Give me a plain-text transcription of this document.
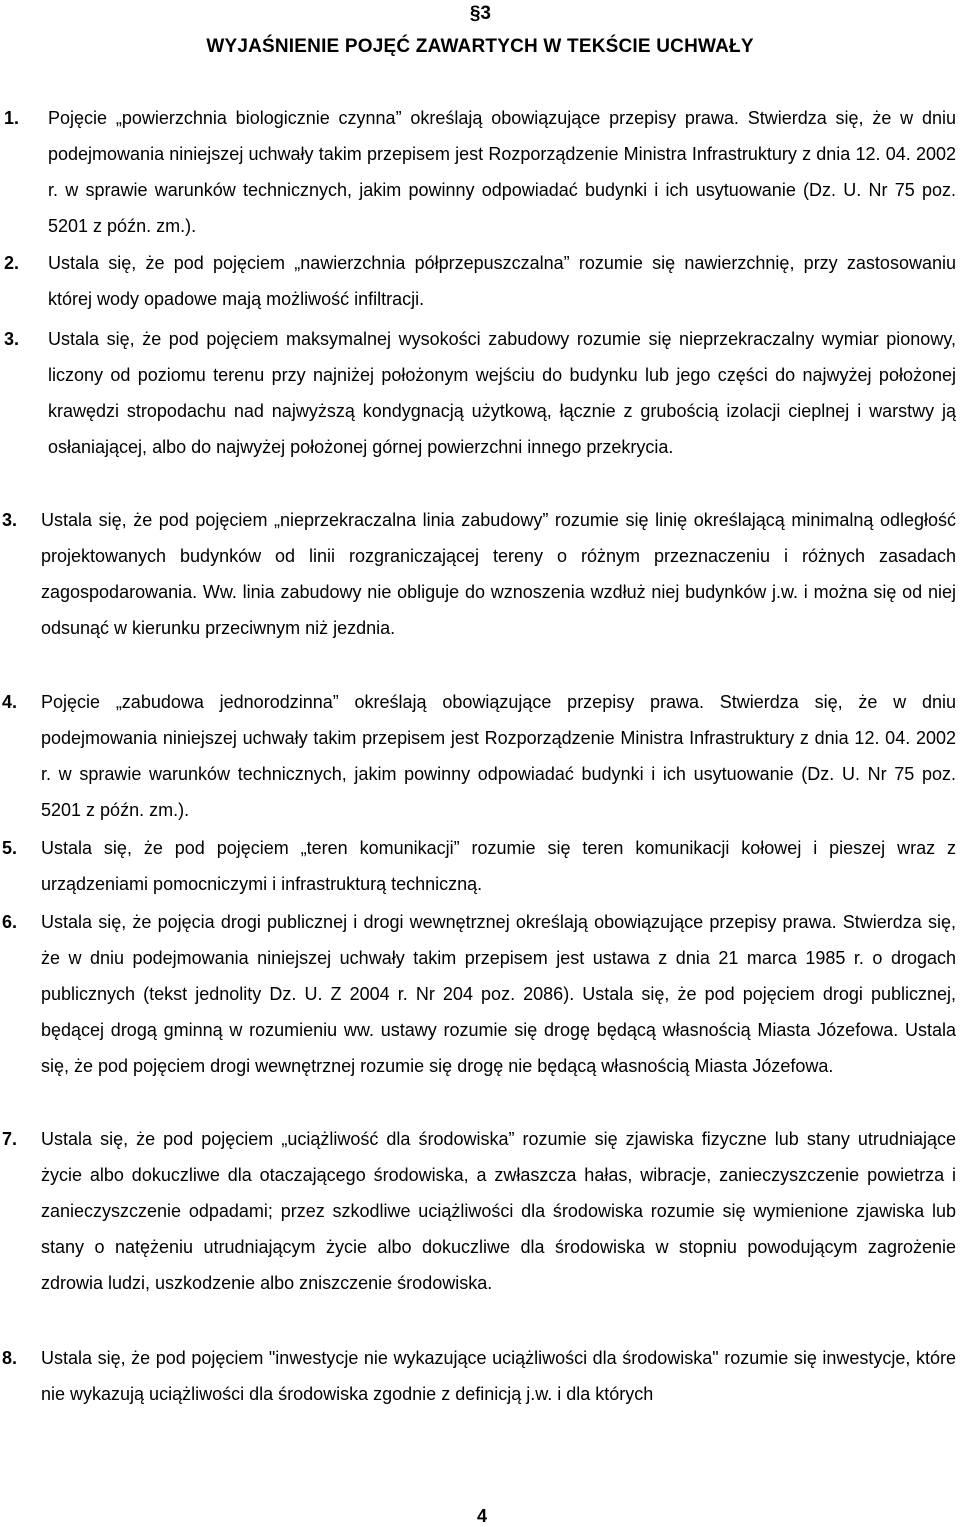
§3
WYJAŚNIENIE POJĘĆ ZAWARTYCH W TEKŚCIE UCHWAŁY
1.	Pojęcie „powierzchnia biologicznie czynna” określają obowiązujące przepisy prawa. Stwierdza się, że w dniu podejmowania niniejszej uchwały takim przepisem jest Rozporządzenie Ministra Infrastruktury z dnia 12. 04. 2002 r. w sprawie warunków technicznych, jakim powinny odpowiadać budynki i ich usytuowanie (Dz. U. Nr 75 poz. 5201 z późn. zm.).
2.	Ustala się, że pod pojęciem „nawierzchnia półprzepuszczalna” rozumie się nawierzchnię, przy zastosowaniu której wody opadowe mają możliwość infiltracji.
3.	Ustala się, że pod pojęciem maksymalnej wysokości zabudowy rozumie się nieprzekraczalny wymiar pionowy, liczony od poziomu terenu przy najniżej położonym wejściu do budynku lub jego części do najwyżej położonej krawędzi stropodachu nad najwyższą kondygnacją użytkową, łącznie z grubością izolacji cieplnej i warstwy ją osłaniającej, albo do najwyżej położonej górnej powierzchni innego przekrycia.
3.	Ustala się, że pod pojęciem „nieprzekraczalna linia zabudowy” rozumie się linię określającą minimalną odległość projektowanych budynków od linii rozgraniczającej tereny o różnym przeznaczeniu i różnych zasadach zagospodarowania. Ww. linia zabudowy nie obliguje do wznoszenia wzdłuż niej budynków j.w. i można się od niej odsunąć w kierunku przeciwnym niż jezdnia.
4.	Pojęcie „zabudowa jednorodzinna” określają obowiązujące przepisy prawa. Stwierdza się, że w dniu podejmowania niniejszej uchwały takim przepisem jest Rozporządzenie Ministra Infrastruktury z dnia 12. 04. 2002 r. w sprawie warunków technicznych, jakim powinny odpowiadać budynki i ich usytuowanie (Dz. U. Nr 75 poz. 5201 z późn. zm.).
5.	Ustala się, że pod pojęciem „teren komunikacji” rozumie się teren komunikacji kołowej i pieszej wraz z urządzeniami pomocniczymi i infrastrukturą techniczną.
6.	Ustala się, że pojęcia drogi publicznej i drogi wewnętrznej określają obowiązujące przepisy prawa. Stwierdza się, że w dniu podejmowania niniejszej uchwały takim przepisem jest ustawa z dnia 21 marca 1985 r. o drogach publicznych (tekst jednolity Dz. U. Z 2004 r. Nr 204 poz. 2086). Ustala się, że pod pojęciem drogi publicznej, będącej drogą gminną w rozumieniu ww. ustawy rozumie się drogę będącą własnością Miasta Józefowa. Ustala się, że pod pojęciem drogi wewnętrznej rozumie się drogę nie będącą własnością Miasta Józefowa.
7.	Ustala się, że pod pojęciem „uciążliwość dla środowiska” rozumie się zjawiska fizyczne lub stany utrudniające życie albo dokuczliwe dla otaczającego środowiska, a zwłaszcza hałas, wibracje, zanieczyszczenie powietrza i zanieczyszczenie odpadami; przez szkodliwe uciążliwości dla środowiska rozumie się wymienione zjawiska lub stany o natężeniu utrudniającym życie albo dokuczliwe dla środowiska w stopniu powodującym zagrożenie zdrowia ludzi, uszkodzenie albo zniszczenie środowiska.
8.	Ustala się, że pod pojęciem "inwestycje nie wykazujące uciążliwości dla środowiska" rozumie się inwestycje, które nie wykazują uciążliwości dla środowiska zgodnie z definicją j.w. i dla których
4
